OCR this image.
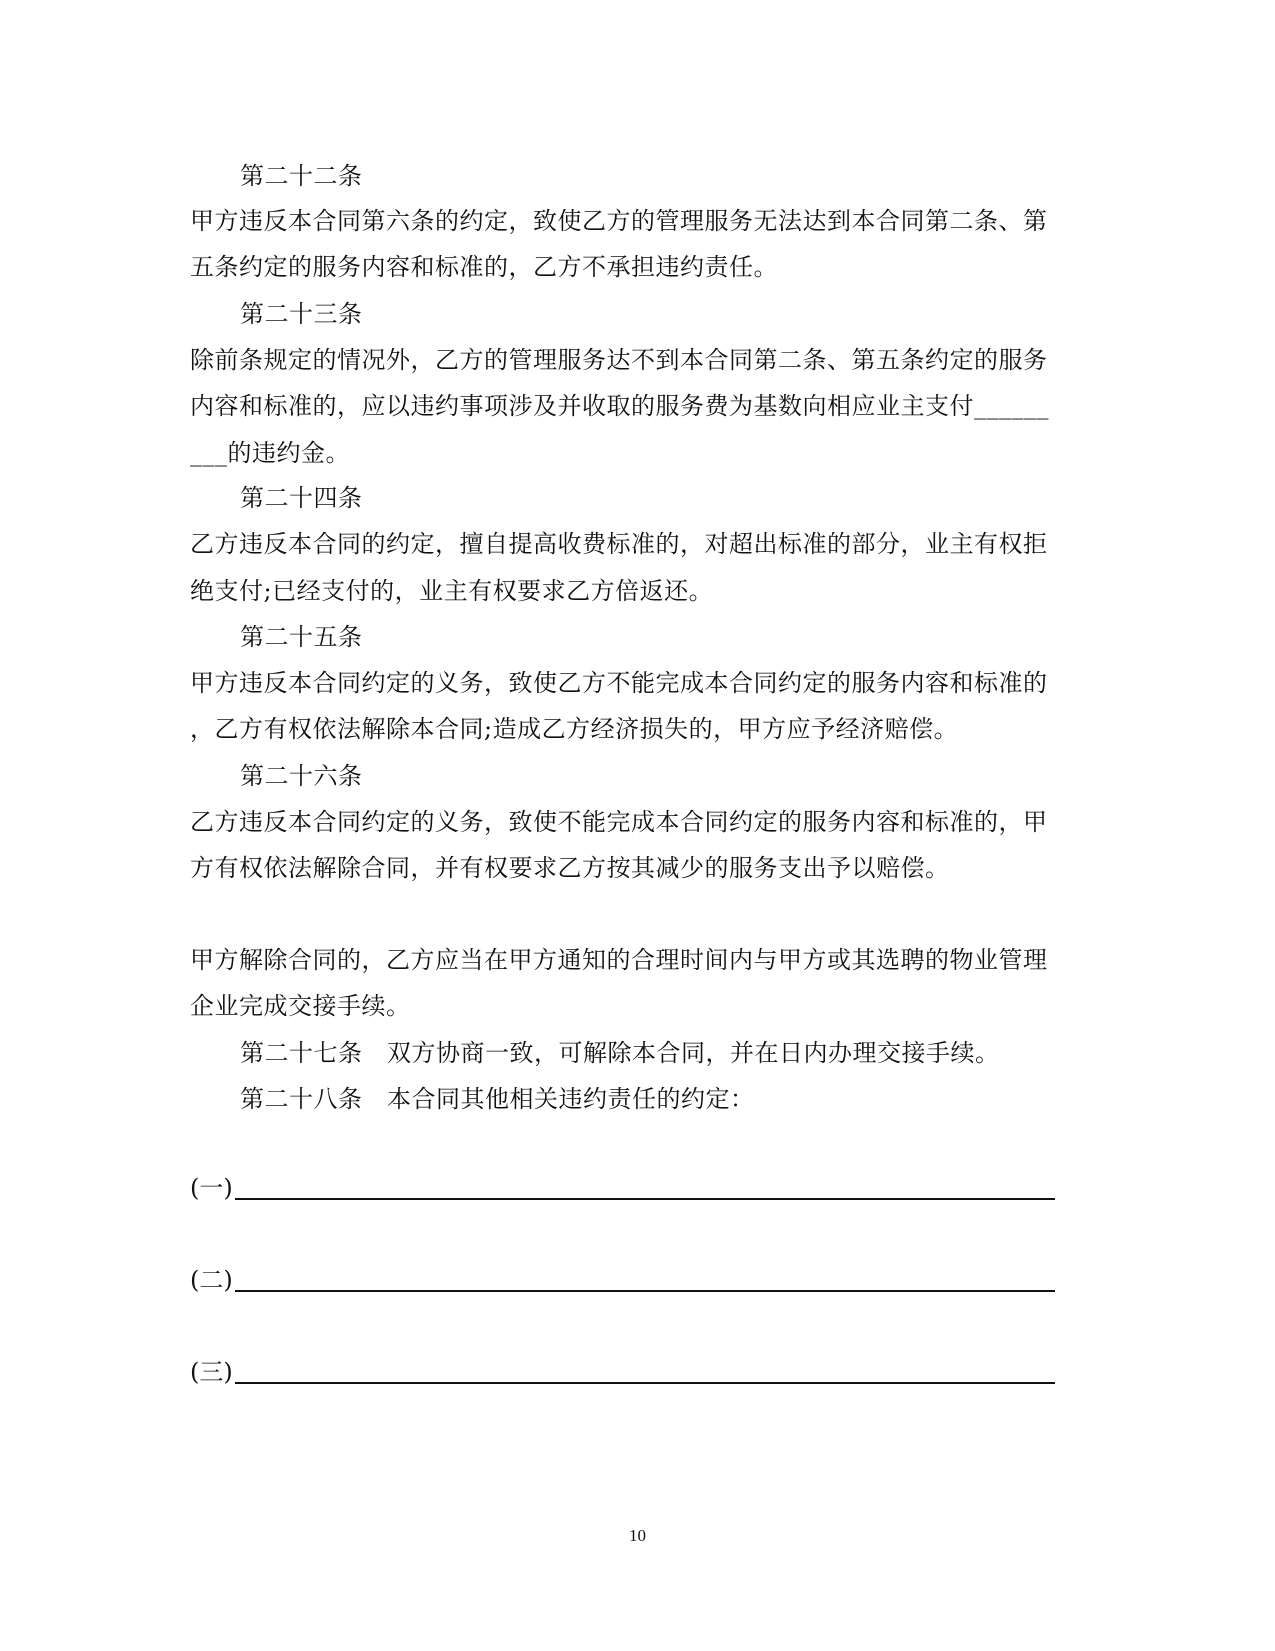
第二十二条
甲方违反本合同第六条的约定，致使乙方的管理服务无法达到本合同第二条、第
五条约定的服务内容和标准的，乙方不承担违约责任。
第二十三条
除前条规定的情况外，乙方的管理服务达不到本合同第二条、第五条约定的服务
内容和标准的，应以违约事项涉及并收取的服务费为基数向相应业主支付______
___的违约金。
第二十四条
乙方违反本合同的约定，擅自提高收费标准的，对超出标准的部分，业主有权拒
绝支付;已经支付的，业主有权要求乙方倍返还。
第二十五条
甲方违反本合同约定的义务，致使乙方不能完成本合同约定的服务内容和标准的
，乙方有权依法解除本合同;造成乙方经济损失的，甲方应予经济赔偿。
第二十六条
乙方违反本合同约定的义务，致使不能完成本合同约定的服务内容和标准的，甲
方有权依法解除合同，并有权要求乙方按其减少的服务支出予以赔偿。
甲方解除合同的，乙方应当在甲方通知的合理时间内与甲方或其选聘的物业管理
企业完成交接手续。
第二十七条　双方协商一致，可解除本合同，并在日内办理交接手续。
第二十八条　本合同其他相关违约责任的约定：
(一)
(二)
(三)
10
